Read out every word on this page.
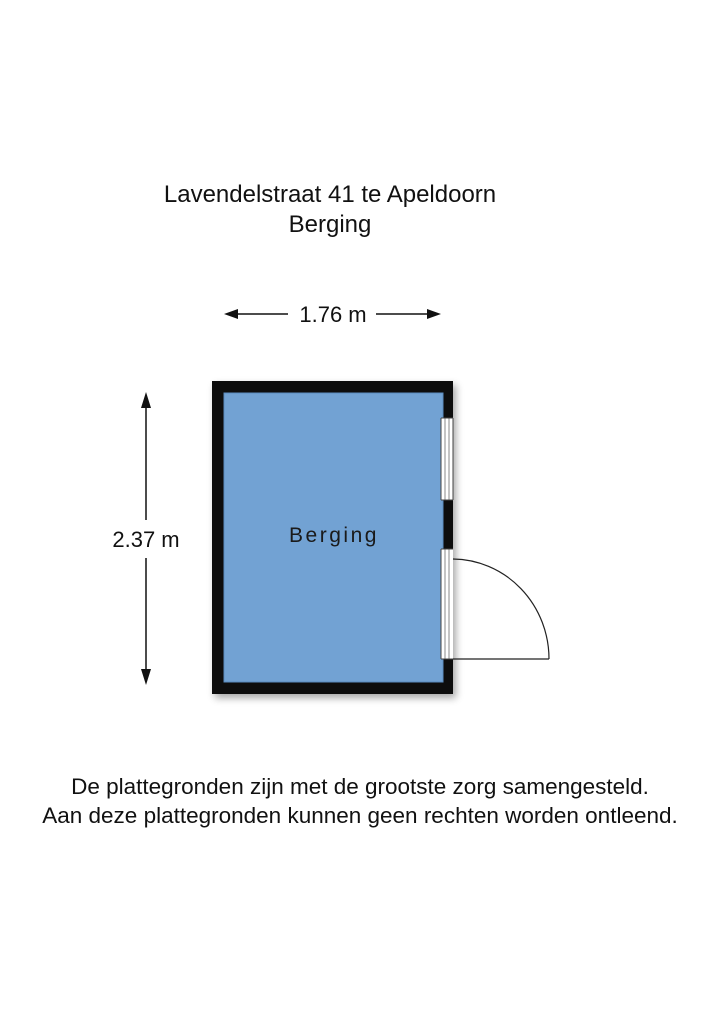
Lavendelstraat 41 te Apeldoorn
Berging
1.76 m
2.37 m	Berging
De plattegronden zijn met de grootste zorg samengesteld.
Aan deze plattegronden kunnen geen rechten worden ontleend.
